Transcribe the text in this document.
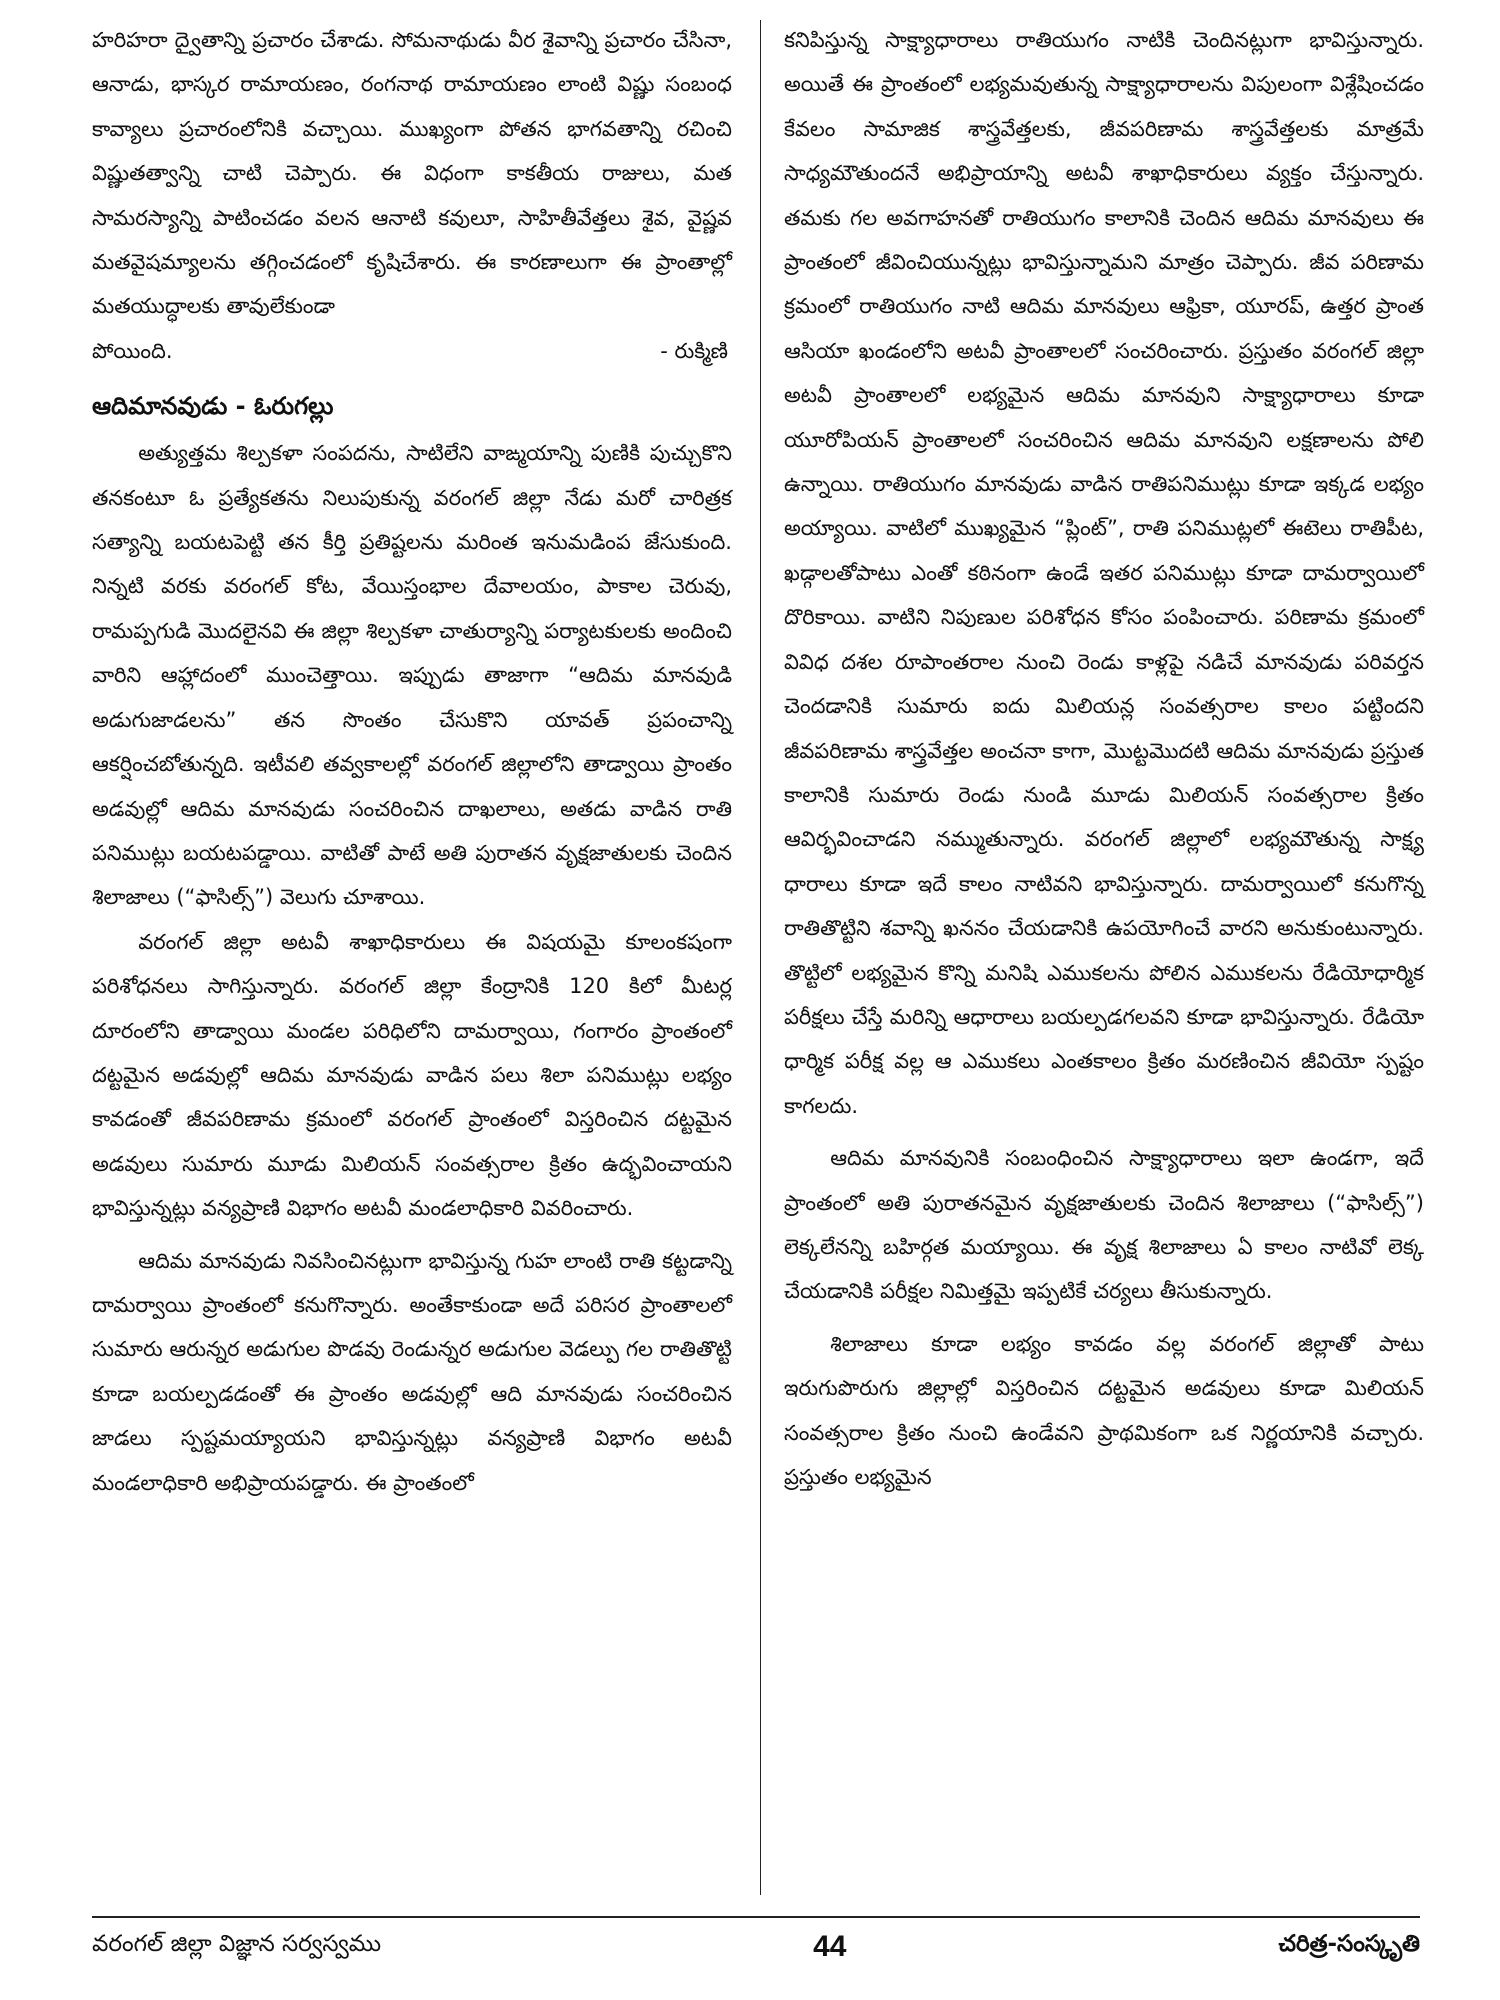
హరిహరా ద్వైతాన్ని ప్రచారం చేశాడు. సోమనాథుడు వీర శైవాన్ని ప్రచారం చేసినా, ఆనాడు, భాస్కర రామాయణం, రంగనాథ రామాయణం లాంటి విష్ణు సంబంధ కావ్యాలు ప్రచారంలోనికి వచ్చాయి. ముఖ్యంగా పోతన భాగవతాన్ని రచించి విష్ణుతత్వాన్ని చాటి చెప్పారు. ఈ విధంగా కాకతీయ రాజులు, మత సామరస్యాన్ని పాటించడం వలన ఆనాటి కవులూ, సాహితీవేత్తలు శైవ, వైష్ణవ మతవైషమ్యాలను తగ్గించడంలో కృషిచేశారు. ఈ కారణాలుగా ఈ ప్రాంతాల్లో మతయుద్ధాలకు తావులేకుండా

పోయింది.	- రుక్మిణి
ఆదిమానవుడు - ఓరుగల్లు

అత్యుత్తమ శిల్పకళా సంపదను, సాటిలేని వాఙ్మయాన్ని పుణికి పుచ్చుకొని తనకంటూ ఓ ప్రత్యేకతను నిలుపుకున్న వరంగల్ జిల్లా నేడు మరో చారిత్రక సత్యాన్ని బయటపెట్టి తన కీర్తి ప్రతిష్టలను మరింత ఇనుమడింప జేసుకుంది. నిన్నటి వరకు వరంగల్ కోట, వేయిస్తంభాల దేవాలయం, పాకాల చెరువు, రామప్పగుడి మొదలైనవి ఈ జిల్లా శిల్పకళా చాతుర్యాన్ని పర్యాటకులకు అందించి వారిని ఆహ్లాదంలో ముంచెత్తాయి. ఇప్పుడు తాజాగా “ఆదిమ మానవుడి అడుగుజాడలను” తన సొంతం చేసుకొని యావత్ ప్రపంచాన్ని ఆకర్షించబోతున్నది. ఇటీవలి తవ్వకాలల్లో వరంగల్ జిల్లాలోని తాడ్వాయి ప్రాంతం అడవుల్లో ఆదిమ మానవుడు సంచరించిన దాఖలాలు, అతడు వాడిన రాతి పనిముట్లు బయటపడ్డాయి. వాటితో పాటే అతి పురాతన వృక్షజాతులకు చెందిన శిలాజాలు (“ఫాసిల్స్”) వెలుగు చూశాయి.

వరంగల్ జిల్లా అటవీ శాఖాధికారులు ఈ విషయమై కూలంకషంగా పరిశోధనలు సాగిస్తున్నారు. వరంగల్ జిల్లా కేంద్రానికి 120 కిలో మీటర్ల దూరంలోని తాడ్వాయి మండల పరిధిలోని దామర్వాయి, గంగారం ప్రాంతంలో దట్టమైన అడవుల్లో ఆదిమ మానవుడు వాడిన పలు శిలా పనిముట్లు లభ్యం కావడంతో జీవపరిణామ క్రమంలో వరంగల్ ప్రాంతంలో విస్తరించిన దట్టమైన అడవులు సుమారు మూడు మిలియన్ సంవత్సరాల క్రితం ఉద్భవించాయని భావిస్తున్నట్లు వన్యప్రాణి విభాగం అటవీ మండలాధికారి వివరించారు.

ఆదిమ మానవుడు నివసించినట్లుగా భావిస్తున్న గుహ లాంటి రాతి కట్టడాన్ని దామర్వాయి ప్రాంతంలో కనుగొన్నారు. అంతేకాకుండా అదే పరిసర ప్రాంతాలలో సుమారు ఆరున్నర అడుగుల పొడవు రెండున్నర అడుగుల వెడల్పు గల రాతితొట్టి కూడా బయల్పడడంతో ఈ ప్రాంతం అడవుల్లో ఆది మానవుడు సంచరించిన జాడలు స్పష్టమయ్యాయని భావిస్తున్నట్లు వన్యప్రాణి విభాగం అటవీ మండలాధికారి అభిప్రాయపడ్డారు. ఈ ప్రాంతంలో

కనిపిస్తున్న సాక్ష్యాధారాలు రాతియుగం నాటికి చెందినట్లుగా భావిస్తున్నారు. అయితే ఈ ప్రాంతంలో లభ్యమవుతున్న సాక్ష్యాధారాలను విపులంగా విశ్లేషించడం కేవలం సామాజిక శాస్త్రవేత్తలకు, జీవపరిణామ శాస్త్రవేత్తలకు మాత్రమే సాధ్యమౌతుందనే అభిప్రాయాన్ని అటవీ శాఖాధికారులు వ్యక్తం చేస్తున్నారు. తమకు గల అవగాహనతో రాతియుగం కాలానికి చెందిన ఆదిమ మానవులు ఈ ప్రాంతంలో జీవించియున్నట్లు భావిస్తున్నామని మాత్రం చెప్పారు. జీవ పరిణామ క్రమంలో రాతియుగం నాటి ఆదిమ మానవులు ఆఫ్రికా, యూరప్, ఉత్తర ప్రాంత ఆసియా ఖండంలోని అటవీ ప్రాంతాలలో సంచరించారు. ప్రస్తుతం వరంగల్ జిల్లా అటవీ ప్రాంతాలలో లభ్యమైన ఆదిమ మానవుని సాక్ష్యాధారాలు కూడా యూరోపియన్ ప్రాంతాలలో సంచరించిన ఆదిమ మానవుని లక్షణాలను పోలి ఉన్నాయి. రాతియుగం మానవుడు వాడిన రాతిపనిముట్లు కూడా ఇక్కడ లభ్యం అయ్యాయి. వాటిలో ముఖ్యమైన “ప్లింట్”, రాతి పనిముట్లలో ఈటెలు రాతిపీట, ఖడ్గాలతోపాటు ఎంతో కఠినంగా ఉండే ఇతర పనిముట్లు కూడా దామర్వాయిలో దొరికాయి. వాటిని నిపుణుల పరిశోధన కోసం పంపించారు. పరిణామ క్రమంలో వివిధ దశల రూపాంతరాల నుంచి రెండు కాళ్లపై నడిచే మానవుడు పరివర్తన చెందడానికి సుమారు ఐదు మిలియన్ల సంవత్సరాల కాలం పట్టిందని జీవపరిణామ శాస్త్రవేత్తల అంచనా కాగా, మొట్టమొదటి ఆదిమ మానవుడు ప్రస్తుత కాలానికి సుమారు రెండు నుండి మూడు మిలియన్ సంవత్సరాల క్రితం ఆవిర్భవించాడని నమ్ముతున్నారు. వరంగల్ జిల్లాలో లభ్యమౌతున్న సాక్ష్య ధారాలు కూడా ఇదే కాలం నాటివని భావిస్తున్నారు. దామర్వాయిలో కనుగొన్న రాతితొట్టిని శవాన్ని ఖననం చేయడానికి ఉపయోగించే వారని అనుకుంటున్నారు. తొట్టిలో లభ్యమైన కొన్ని మనిషి ఎముకలను పోలిన ఎముకలను రేడియోధార్మిక పరీక్షలు చేస్తే మరిన్ని ఆధారాలు బయల్పడగలవని కూడా భావిస్తున్నారు. రేడియో ధార్మిక పరీక్ష వల్ల ఆ ఎముకలు ఎంతకాలం క్రితం మరణించిన జీవియో స్పష్టం కాగలదు.

ఆదిమ మానవునికి సంబంధించిన సాక్ష్యాధారాలు ఇలా ఉండగా, ఇదే ప్రాంతంలో అతి పురాతనమైన వృక్షజాతులకు చెందిన శిలాజాలు (“ఫాసిల్స్”) లెక్కలేనన్ని బహిర్గత మయ్యాయి. ఈ వృక్ష శిలాజాలు ఏ కాలం నాటివో లెక్క చేయడానికి పరీక్షల నిమిత్తమై ఇప్పటికే చర్యలు తీసుకున్నారు.

శిలాజాలు కూడా లభ్యం కావడం వల్ల వరంగల్ జిల్లాతో పాటు ఇరుగుపొరుగు జిల్లాల్లో విస్తరించిన దట్టమైన అడవులు కూడా మిలియన్ సంవత్సరాల క్రితం నుంచి ఉండేవని ప్రాథమికంగా ఒక నిర్ణయానికి వచ్చారు. ప్రస్తుతం లభ్యమైన

వరంగల్ జిల్లా విజ్ఞాన సర్వస్వము	44	చరిత్ర-సంస్కృతి
